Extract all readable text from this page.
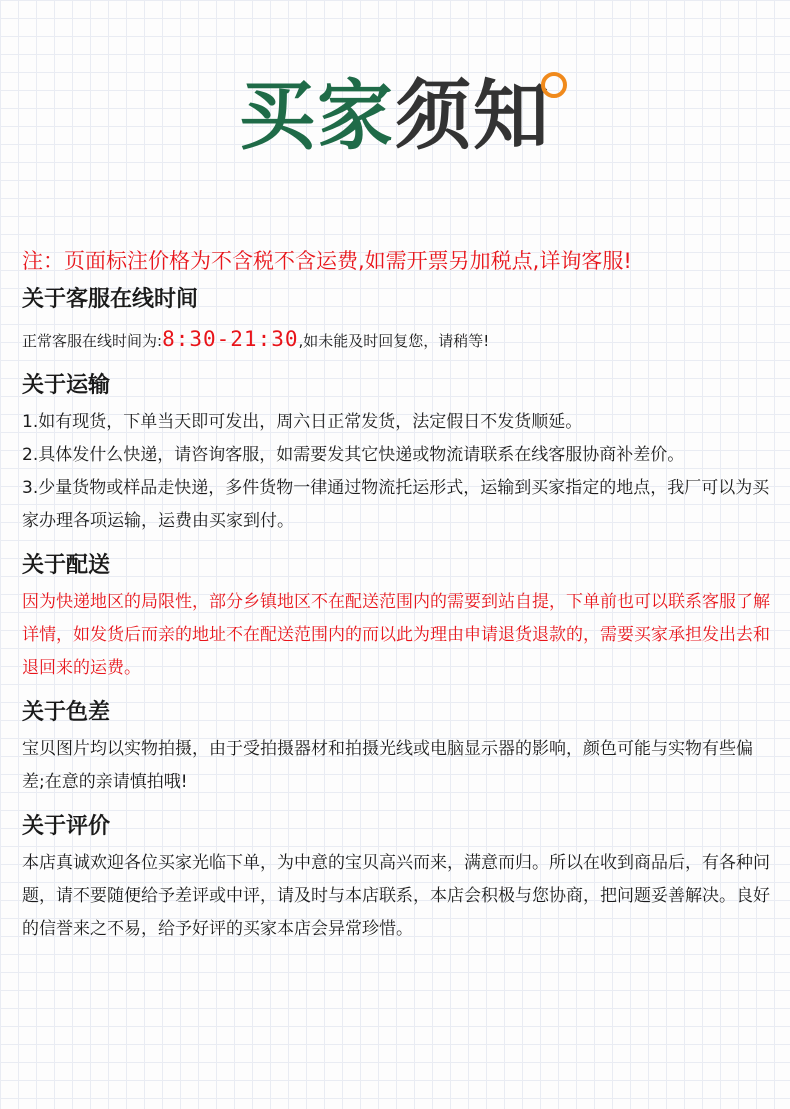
买家须知

注：页面标注价格为不含税不含运费,如需开票另加税点,详询客服!

关于客服在线时间
正常客服在线时间为:8:30-21:30,如未能及时回复您，请稍等!
关于运输

1.如有现货，下单当天即可发出，周六日正常发货，法定假日不发货顺延。

2.具体发什么快递，请咨询客服，如需要发其它快递或物流请联系在线客服协商补差价。

3.少量货物或样品走快递，多件货物一律通过物流托运形式，运输到买家指定的地点，我厂可以为买家办理各项运输，运费由买家到付。

关于配送

因为快递地区的局限性，部分乡镇地区不在配送范围内的需要到站自提，下单前也可以联系客服了解详情，如发货后而亲的地址不在配送范围内的而以此为理由申请退货退款的，需要买家承担发出去和退回来的运费。

关于色差

宝贝图片均以实物拍摄，由于受拍摄器材和拍摄光线或电脑显示器的影响，颜色可能与实物有些偏差;在意的亲请慎拍哦!

关于评价

本店真诚欢迎各位买家光临下单，为中意的宝贝高兴而来，满意而归。所以在收到商品后，有各种问题，请不要随便给予差评或中评，请及时与本店联系，本店会积极与您协商，把问题妥善解决。良好的信誉来之不易，给予好评的买家本店会异常珍惜。
